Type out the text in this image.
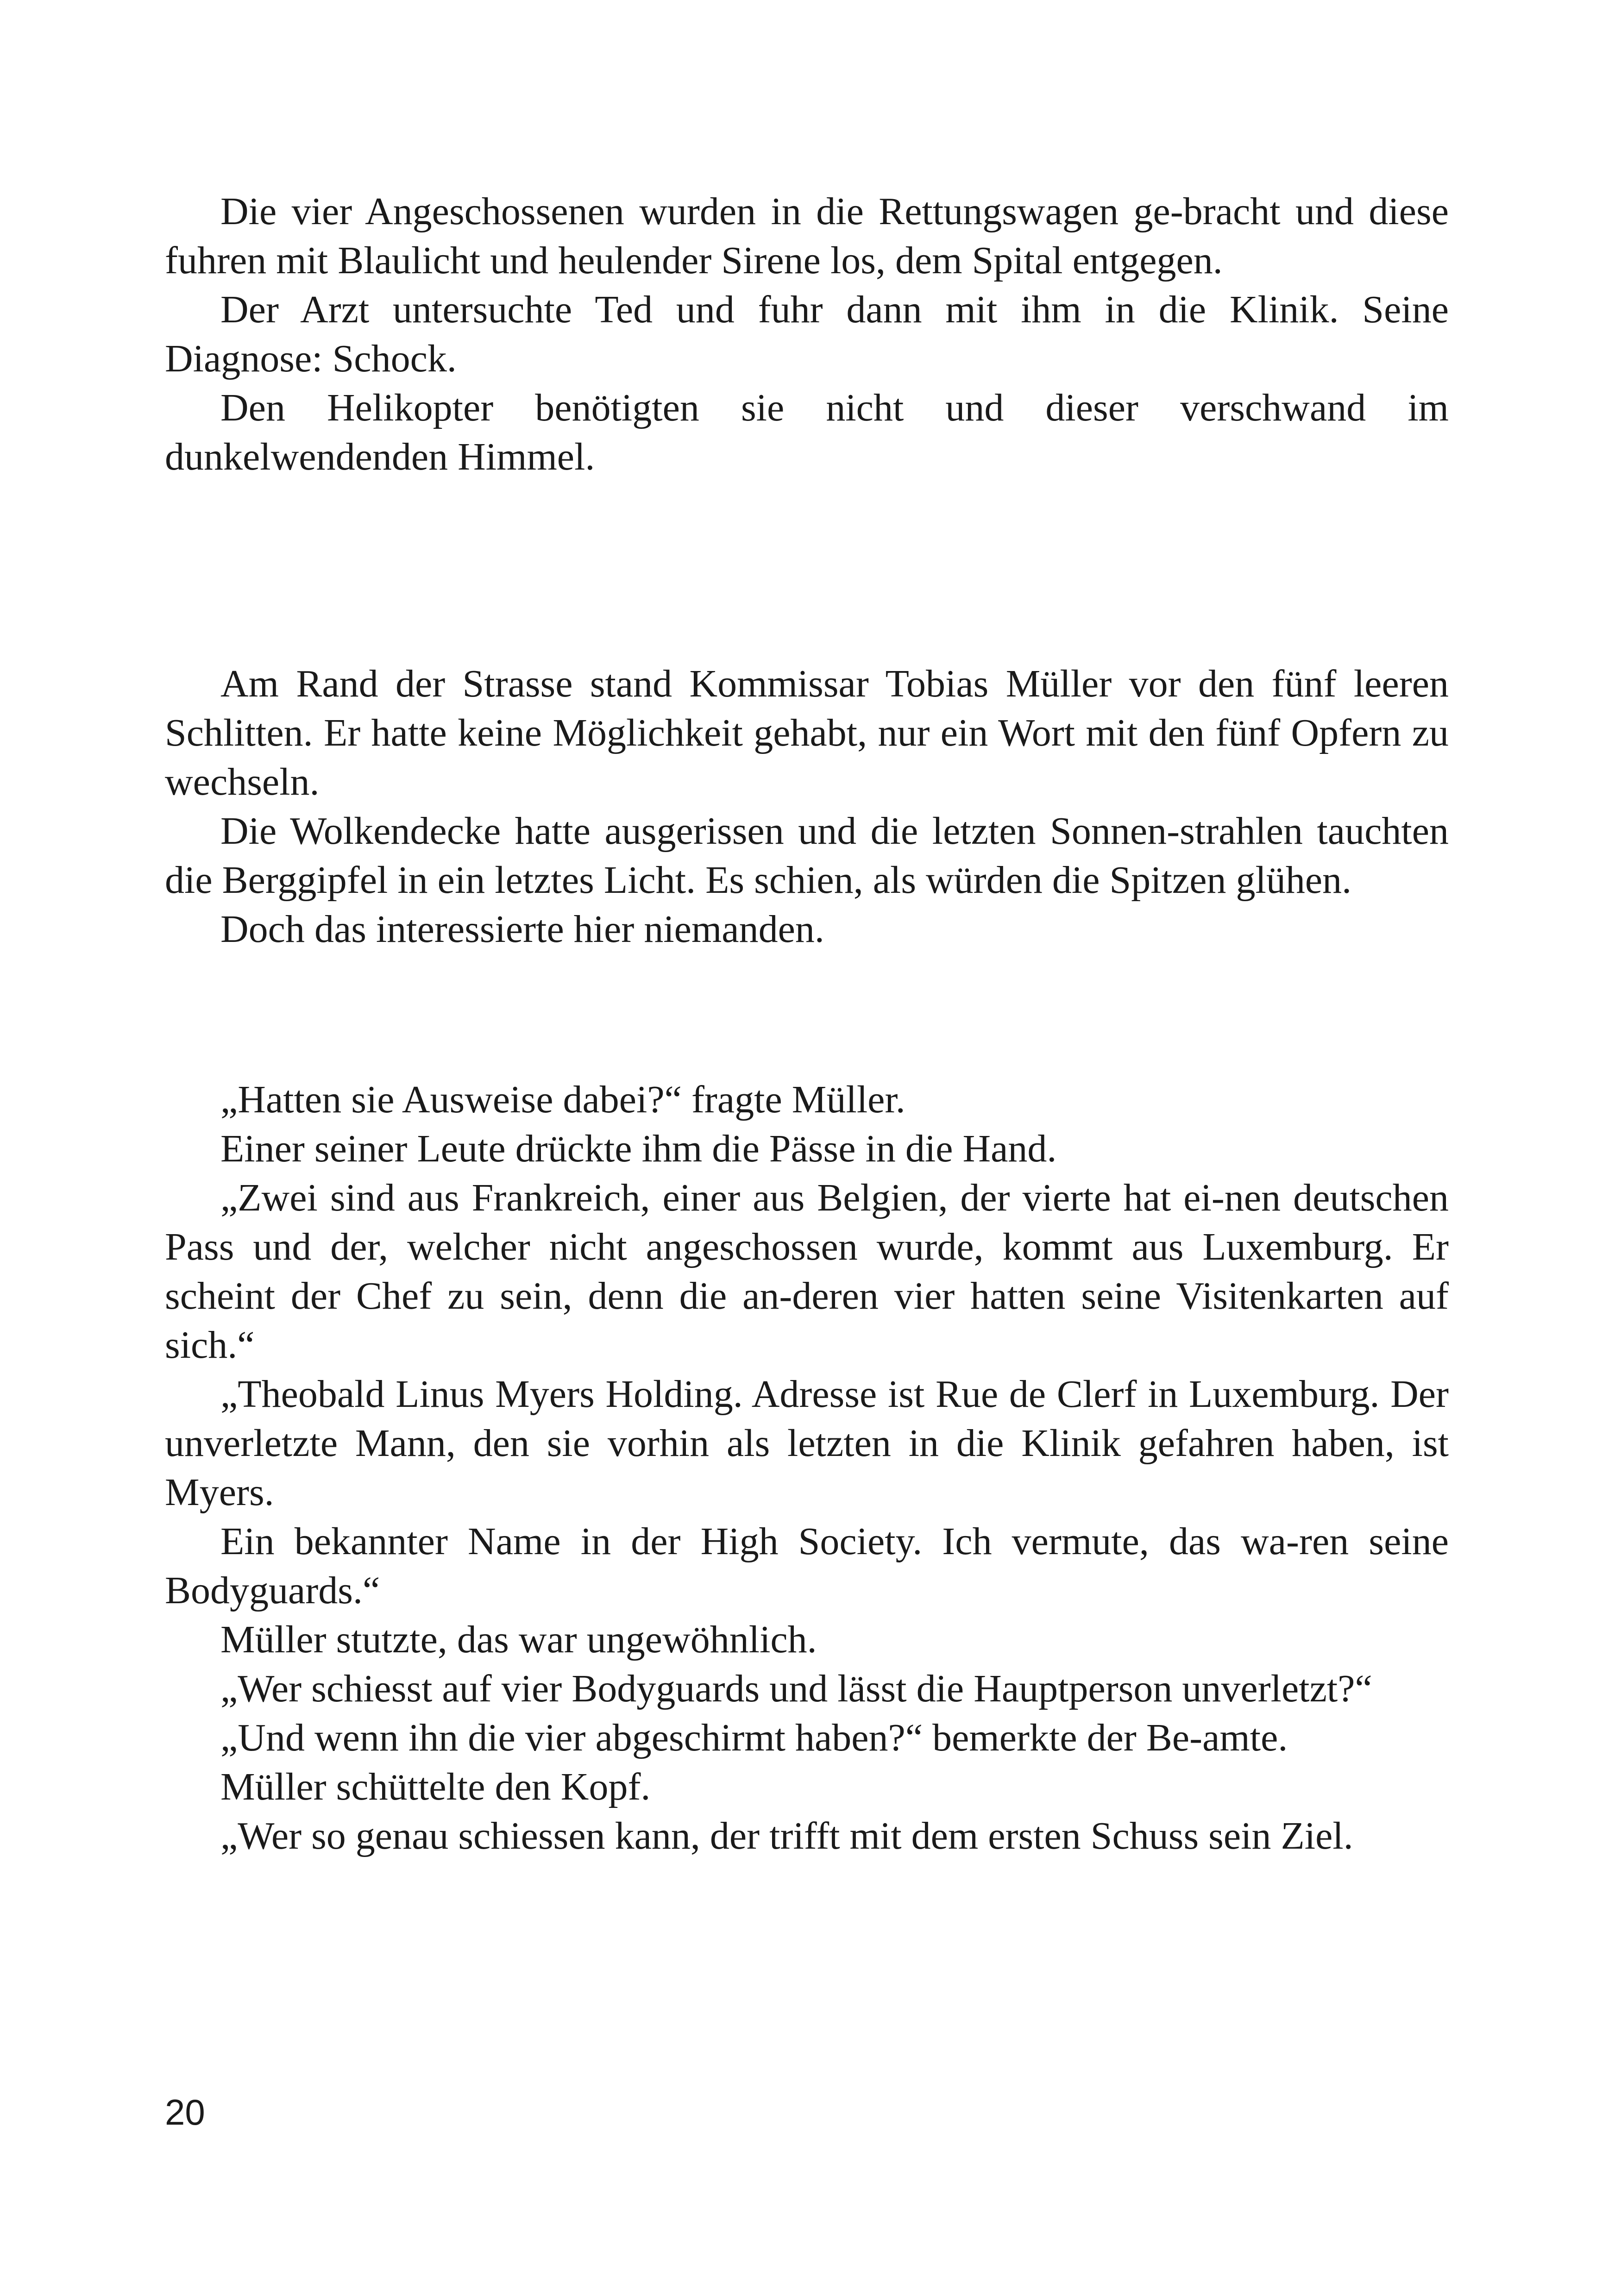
Die vier Angeschossenen wurden in die Rettungswagen ge-bracht und diese fuhren mit Blaulicht und heulender Sirene los, dem Spital entgegen.

Der Arzt untersuchte Ted und fuhr dann mit ihm in die Klinik. Seine Diagnose: Schock.

Den Helikopter benötigten sie nicht und dieser verschwand im dunkelwendenden Himmel.

Am Rand der Strasse stand Kommissar Tobias Müller vor den fünf leeren Schlitten. Er hatte keine Möglichkeit gehabt, nur ein Wort mit den fünf Opfern zu wechseln.

Die Wolkendecke hatte ausgerissen und die letzten Sonnen-strahlen tauchten die Berggipfel in ein letztes Licht. Es schien, als würden die Spitzen glühen.

Doch das interessierte hier niemanden.

„Hatten sie Ausweise dabei?“ fragte Müller.

Einer seiner Leute drückte ihm die Pässe in die Hand.

„Zwei sind aus Frankreich, einer aus Belgien, der vierte hat ei-nen deutschen Pass und der, welcher nicht angeschossen wurde, kommt aus Luxemburg. Er scheint der Chef zu sein, denn die an-deren vier hatten seine Visitenkarten auf sich.“

„Theobald Linus Myers Holding. Adresse ist Rue de Clerf in Luxemburg. Der unverletzte Mann, den sie vorhin als letzten in die Klinik gefahren haben, ist Myers.

Ein bekannter Name in der High Society. Ich vermute, das wa-ren seine Bodyguards.“

Müller stutzte, das war ungewöhnlich.

„Wer schiesst auf vier Bodyguards und lässt die Hauptperson unverletzt?“

„Und wenn ihn die vier abgeschirmt haben?“ bemerkte der Be-amte.

Müller schüttelte den Kopf.

„Wer so genau schiessen kann, der trifft mit dem ersten Schuss sein Ziel.

20
